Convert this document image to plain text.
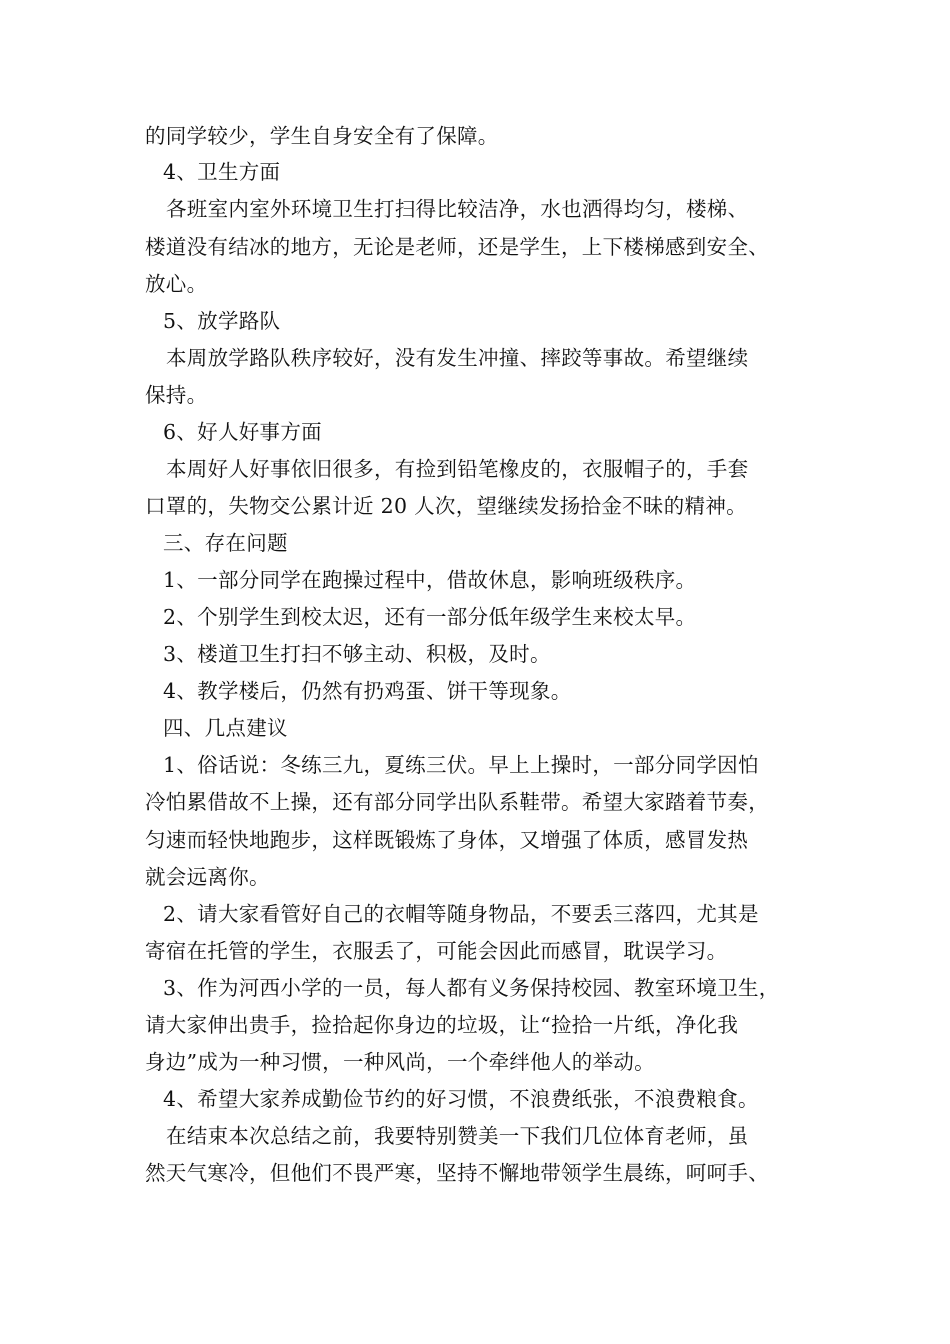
的同学较少，学生自身安全有了保障。
4、卫生方面
各班室内室外环境卫生打扫得比较洁净，水也洒得均匀，楼梯、
楼道没有结冰的地方，无论是老师，还是学生，上下楼梯感到安全、
放心。
5、放学路队
本周放学路队秩序较好，没有发生冲撞、摔跤等事故。希望继续
保持。
6、好人好事方面
本周好人好事依旧很多，有捡到铅笔橡皮的，衣服帽子的，手套
口罩的，失物交公累计近 20 人次，望继续发扬拾金不昧的精神。
三、存在问题
1、一部分同学在跑操过程中，借故休息，影响班级秩序。
2、个别学生到校太迟，还有一部分低年级学生来校太早。
3、楼道卫生打扫不够主动、积极，及时。
4、教学楼后，仍然有扔鸡蛋、饼干等现象。
四、几点建议
1、俗话说：冬练三九，夏练三伏。早上上操时，一部分同学因怕
冷怕累借故不上操，还有部分同学出队系鞋带。希望大家踏着节奏，
匀速而轻快地跑步，这样既锻炼了身体，又增强了体质，感冒发热
就会远离你。
2、请大家看管好自己的衣帽等随身物品，不要丢三落四，尤其是
寄宿在托管的学生，衣服丢了，可能会因此而感冒，耽误学习。
3、作为河西小学的一员，每人都有义务保持校园、教室环境卫生，
请大家伸出贵手，捡拾起你身边的垃圾，让“捡拾一片纸，净化我
身边”成为一种习惯，一种风尚，一个牵绊他人的举动。
4、希望大家养成勤俭节约的好习惯，不浪费纸张，不浪费粮食。
在结束本次总结之前，我要特别赞美一下我们几位体育老师，虽
然天气寒冷，但他们不畏严寒，坚持不懈地带领学生晨练，呵呵手、
